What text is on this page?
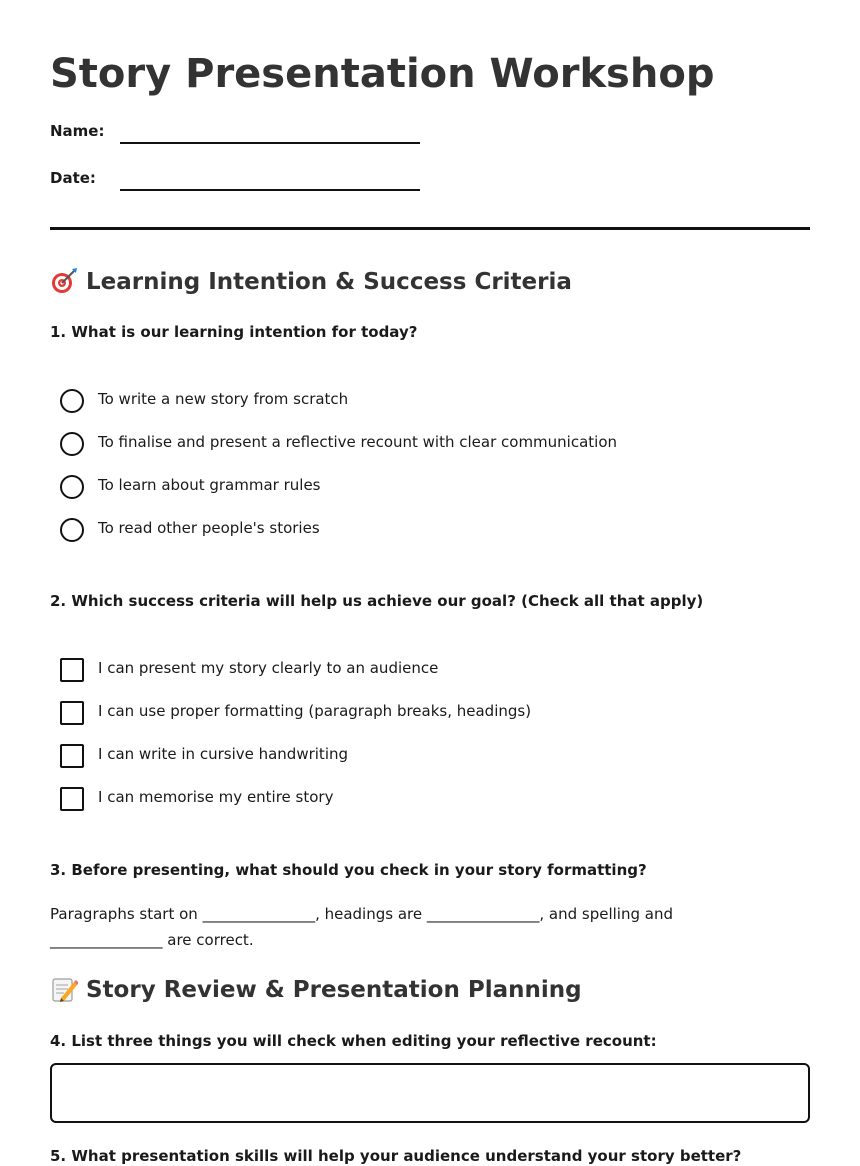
Story Presentation Workshop
Name:
Date:
Learning Intention & Success Criteria
1. What is our learning intention for today?
To write a new story from scratch
To finalise and present a reflective recount with clear communication
To learn about grammar rules
To read other people's stories
2. Which success criteria will help us achieve our goal? (Check all that apply)
I can present my story clearly to an audience
I can use proper formatting (paragraph breaks, headings)
I can write in cursive handwriting
I can memorise my entire story
3. Before presenting, what should you check in your story formatting?
Paragraphs start on _______________, headings are _______________, and spelling and _______________ are correct.
Story Review & Presentation Planning
4. List three things you will check when editing your reflective recount:
5. What presentation skills will help your audience understand your story better?
